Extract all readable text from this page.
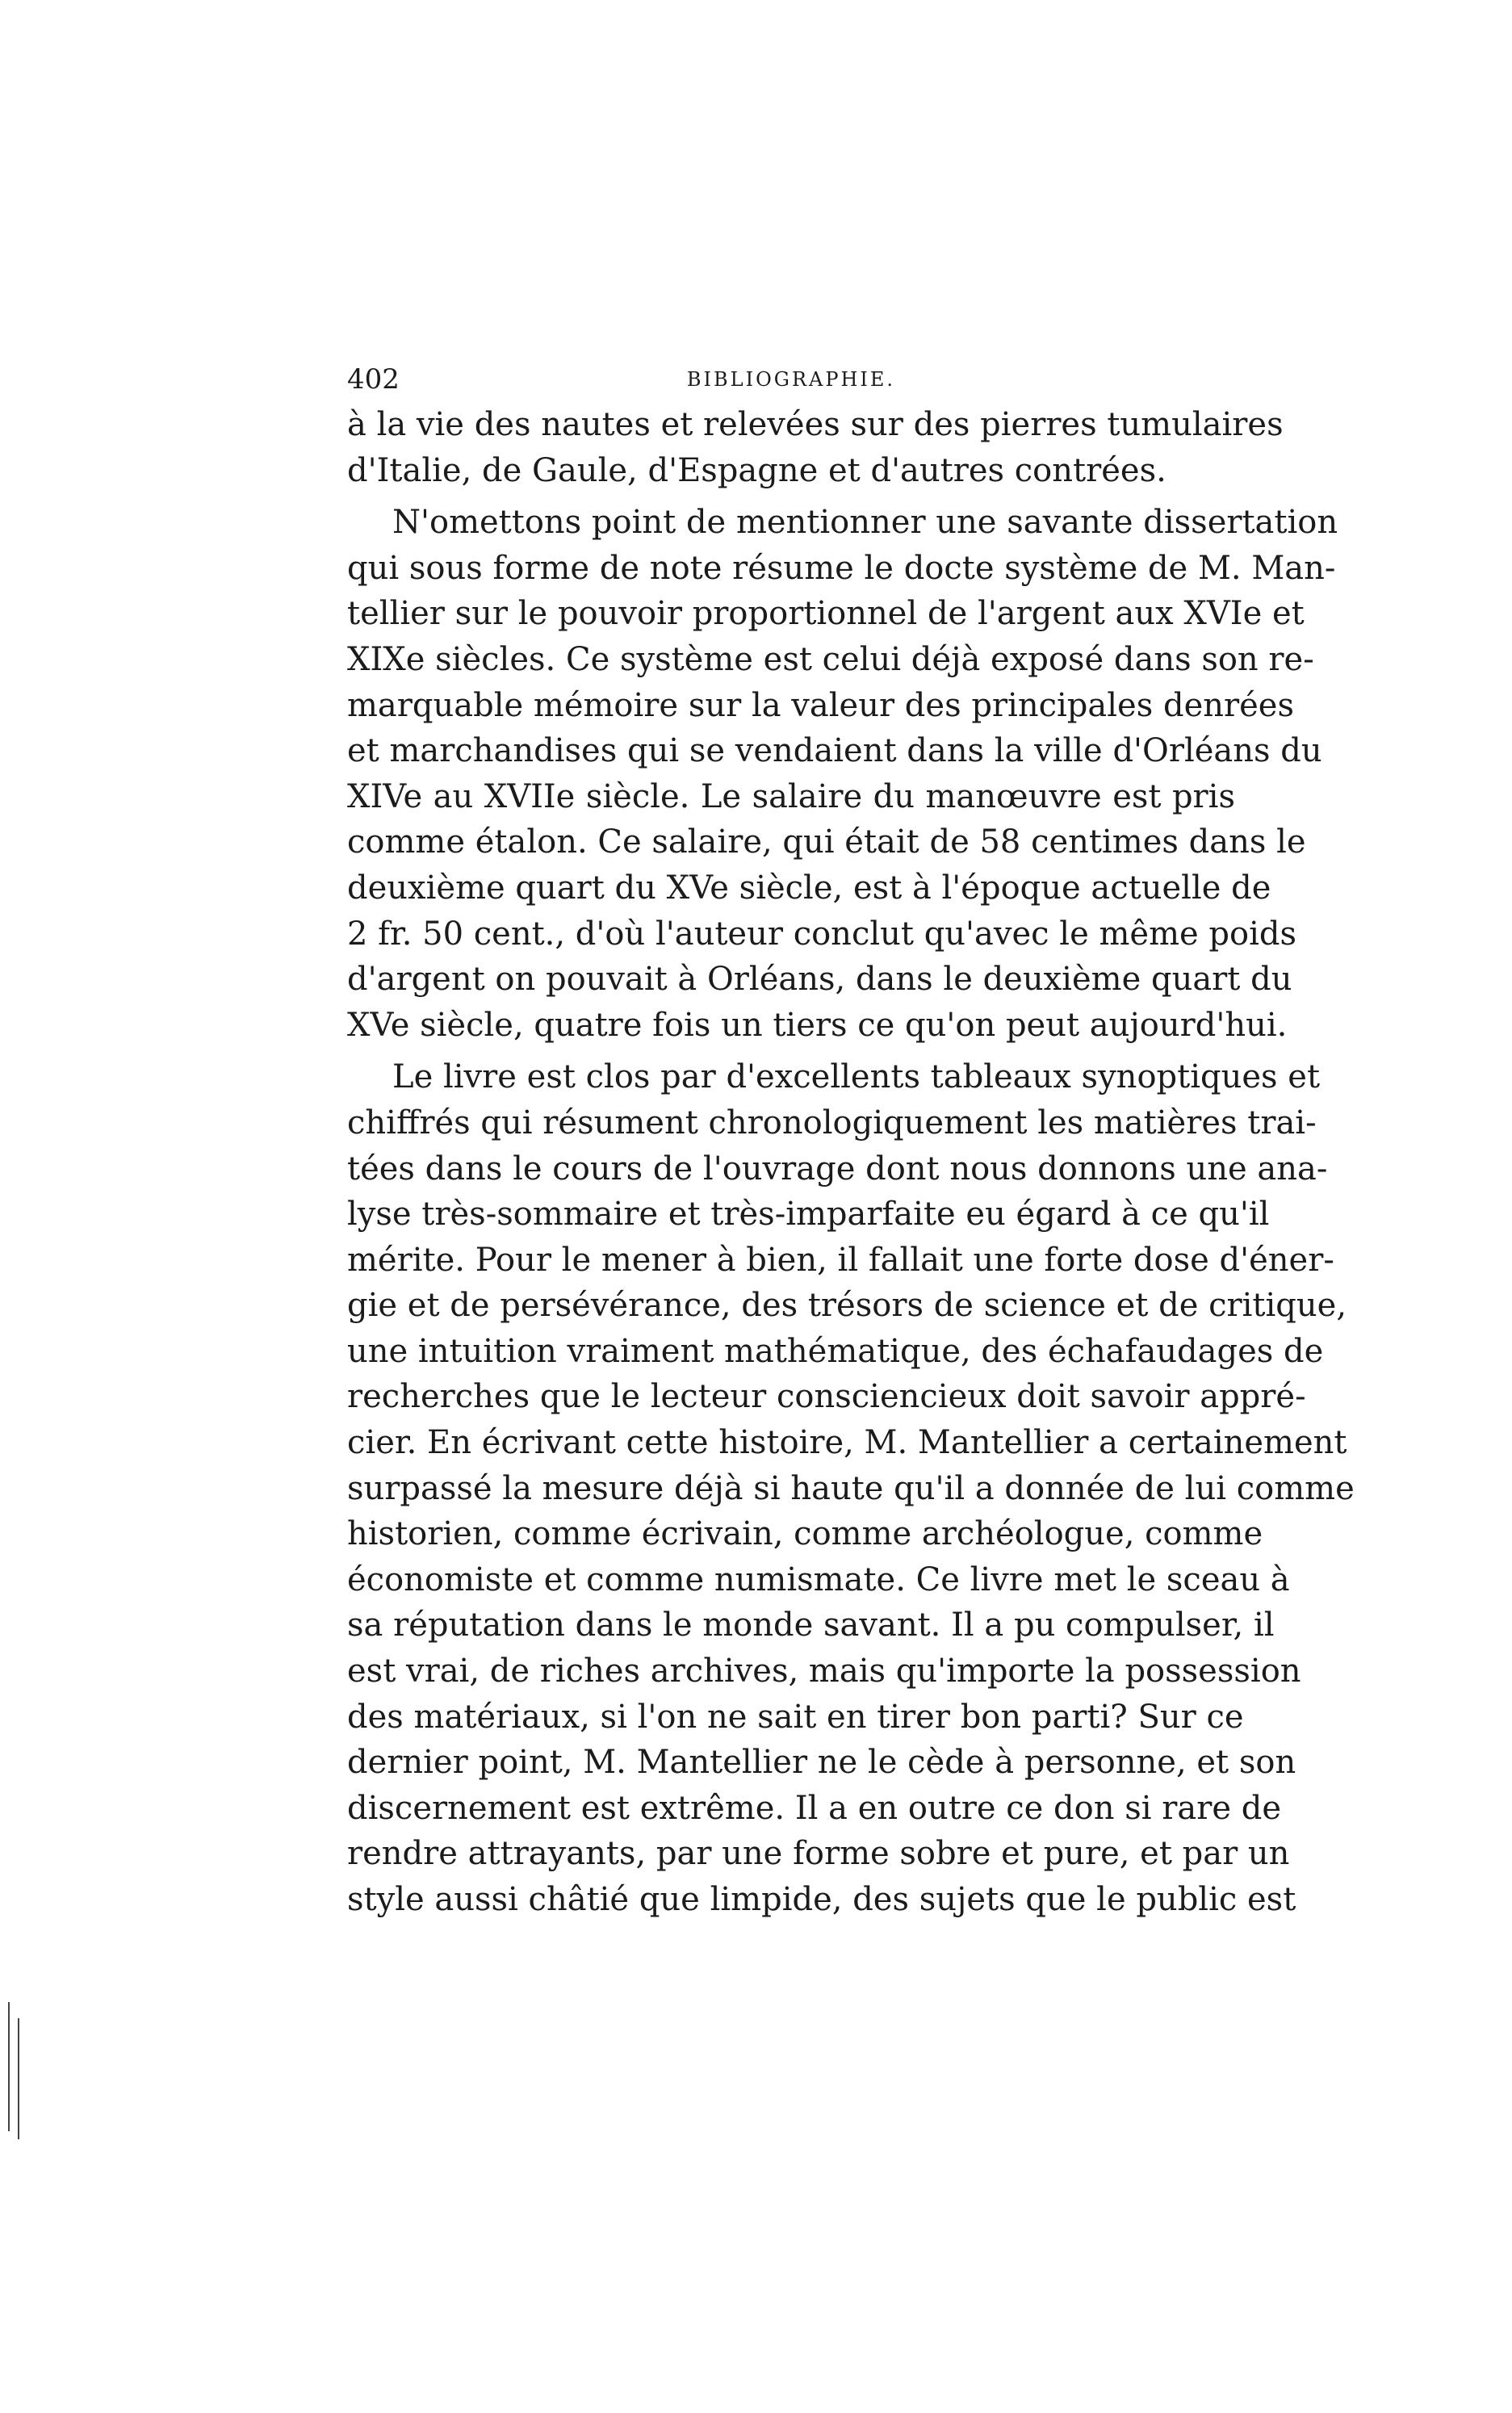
402	BIBLIOGRAPHIE.
à la vie des nautes et relevées sur des pierres tumulaires
d'Italie, de Gaule, d'Espagne et d'autres contrées.
N'omettons point de mentionner une savante dissertation
qui sous forme de note résume le docte système de M. Man-
tellier sur le pouvoir proportionnel de l'argent aux XVIe et
XIXe siècles. Ce système est celui déjà exposé dans son re-
marquable mémoire sur la valeur des principales denrées
et marchandises qui se vendaient dans la ville d'Orléans du
XIVe au XVIIe siècle. Le salaire du manœuvre est pris
comme étalon. Ce salaire, qui était de 58 centimes dans le
deuxième quart du XVe siècle, est à l'époque actuelle de
2 fr. 50 cent., d'où l'auteur conclut qu'avec le même poids
d'argent on pouvait à Orléans, dans le deuxième quart du
XVe siècle, quatre fois un tiers ce qu'on peut aujourd'hui.
Le livre est clos par d'excellents tableaux synoptiques et
chiffrés qui résument chronologiquement les matières trai-
tées dans le cours de l'ouvrage dont nous donnons une ana-
lyse très-sommaire et très-imparfaite eu égard à ce qu'il
mérite. Pour le mener à bien, il fallait une forte dose d'éner-
gie et de persévérance, des trésors de science et de critique,
une intuition vraiment mathématique, des échafaudages de
recherches que le lecteur consciencieux doit savoir appré-
cier. En écrivant cette histoire, M. Mantellier a certainement
surpassé la mesure déjà si haute qu'il a donnée de lui comme
historien, comme écrivain, comme archéologue, comme
économiste et comme numismate. Ce livre met le sceau à
sa réputation dans le monde savant. Il a pu compulser, il
est vrai, de riches archives, mais qu'importe la possession
des matériaux, si l'on ne sait en tirer bon parti? Sur ce
dernier point, M. Mantellier ne le cède à personne, et son
discernement est extrême. Il a en outre ce don si rare de
rendre attrayants, par une forme sobre et pure, et par un
style aussi châtié que limpide, des sujets que le public est
